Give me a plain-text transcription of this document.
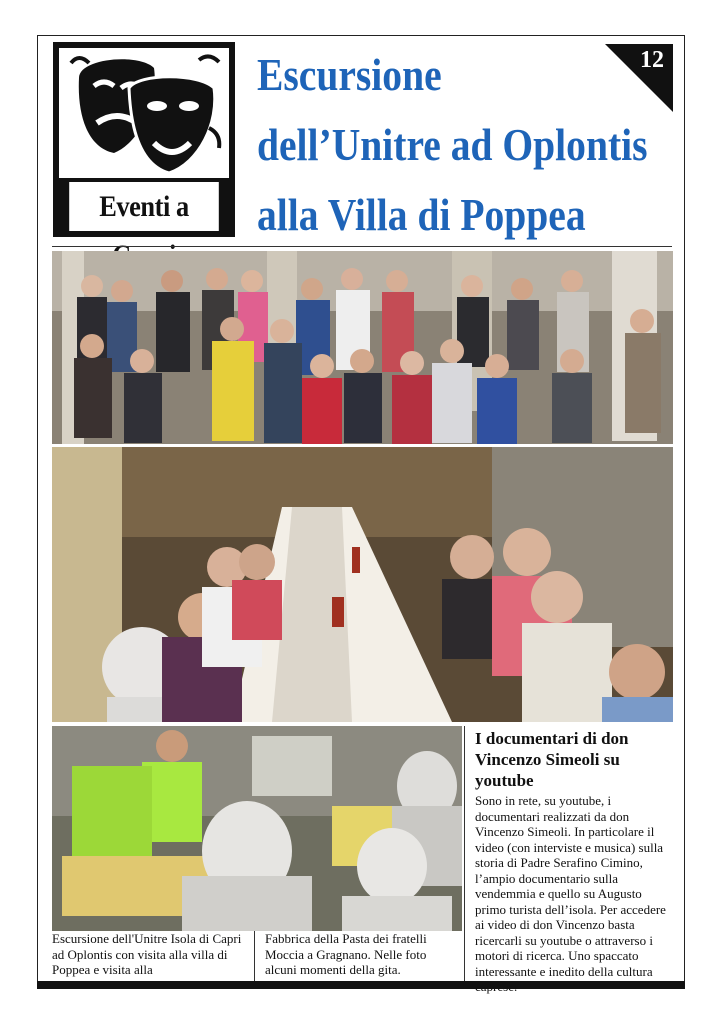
Eventi a
Escursione
dell’Unitre ad Oplontis
alla Villa di Poppea
12
Escursione dell'Unitre Isola di Capri ad Oplontis con visita alla villa di Poppea e visita alla
Fabbrica della Pasta dei fratelli Moccia a Gragnano. Nelle foto alcuni momenti della gita.
I documentari di don Vincenzo Simeoli su youtube
Sono in rete, su youtube, i documentari realizzati da don Vincenzo Simeoli. In particolare il video (con interviste e musica) sulla storia di Padre Serafino Cimino, l’ampio documentario sulla vendemmia e quello su Augusto primo turista dell’isola. Per accedere ai video di don Vincenzo basta ricercarli su youtube o attraverso i motori di ricerca. Uno spaccato interessante e inedito della cultura
